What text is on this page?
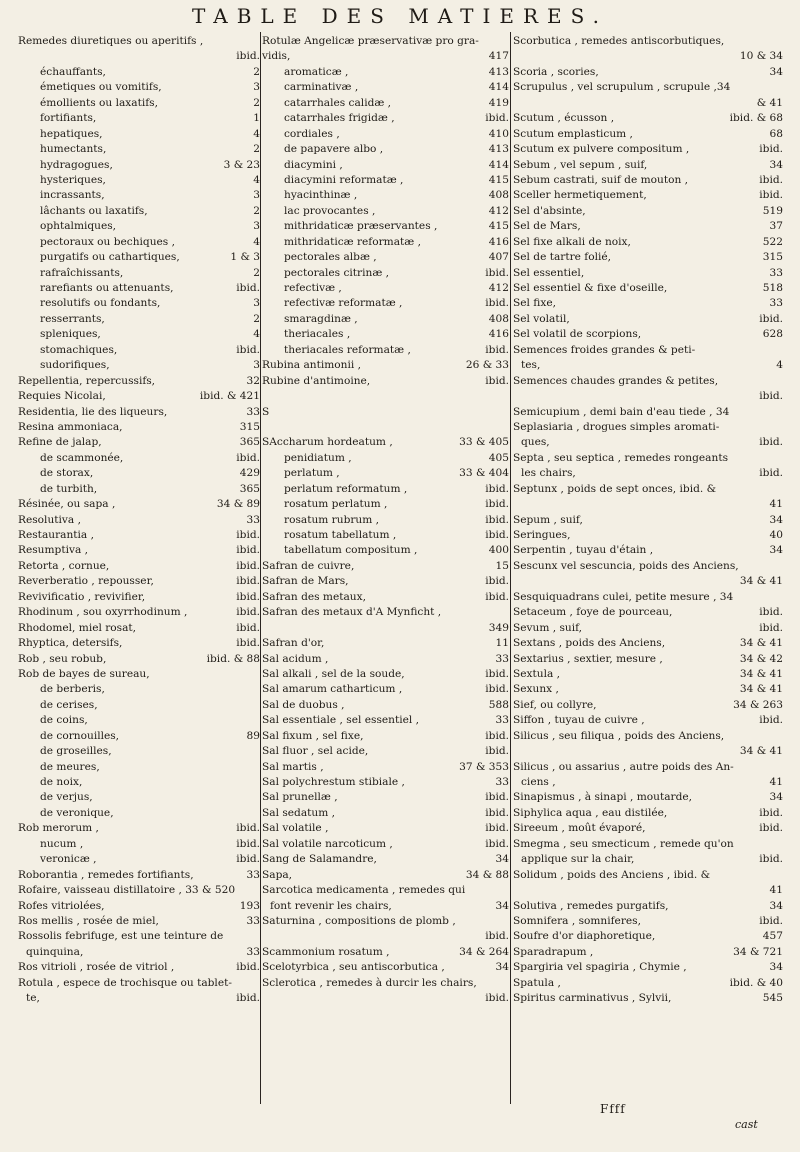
TABLE DES MATIERES.
Remedes diuretiques ou aperitifs ,
ibid.
échauffants,	2
émetiques ou vomitifs,	3
émollients ou laxatifs,	2
fortifiants,	1
hepatiques,	4
humectants,	2
hydragogues,	3 & 23
hysteriques,	4
incrassants,	3
lâchants ou laxatifs,	2
ophtalmiques,	3
pectoraux ou bechiques ,	4
purgatifs ou cathartiques,	1 & 3
rafraîchissants,	2
rarefiants ou attenuants,	ibid.
resolutifs ou fondants,	3
resserrants,	2
spleniques,	4
stomachiques,	ibid.
sudorifiques,	3
Repellentia, repercussifs,	32
Requies Nicolai,	ibid. & 421
Residentia, lie des liqueurs,	33
Resina ammoniaca,	315
Refine de jalap,	365
de scammonée,	ibid.
de storax,	429
de turbith,	365
Résinée, ou sapa ,	34 & 89
Resolutiva ,	33
Restaurantia ,	ibid.
Resumptiva ,	ibid.
Retorta , cornue,	ibid.
Reverberatio , repousser,	ibid.
Revivificatio , revivifier,	ibid.
Rhodinum , sou oxyrrhodinum ,	ibid.
Rhodomel, miel rosat,	ibid.
Rhyptica, detersifs,	ibid.
Rob , seu robub,	ibid. & 88
Rob de bayes de sureau,
de berberis,
de cerises,
de coins,
de cornouilles,	89
de groseilles,
de meures,
de noix,
de verjus,
de veronique,
Rob merorum ,	ibid.
nucum ,	ibid.
veronicæ ,	ibid.
Roborantia , remedes fortifiants,	33
Rofaire, vaisseau distillatoire , 33 & 520
Rofes vitriolées,	193
Ros mellis , rosée de miel,	33
Rossolis febrifuge, est une teinture de
quinquina,	33
Ros vitrioli , rosée de vitriol ,	ibid.
Rotula , espece de trochisque ou tablet-
te,	ibid.
Rotulæ Angelicæ præservativæ pro gra-
vidis,	417
aromaticæ ,	413
carminativæ ,	414
catarrhales calidæ ,	419
catarrhales frigidæ ,	ibid.
cordiales ,	410
de papavere albo ,	413
diacymini ,	414
diacymini reformatæ ,	415
hyacinthinæ ,	408
lac provocantes ,	412
mithridaticæ præservantes ,	415
mithridaticæ reformatæ ,	416
pectorales albæ ,	407
pectorales citrinæ ,	ibid.
refectivæ ,	412
refectivæ reformatæ ,	ibid.
smaragdinæ ,	408
theriacales ,	416
theriacales reformatæ ,	ibid.
Rubina antimonii ,	26 & 33
Rubine d'antimoine,	ibid.
S
SAccharum hordeatum ,	33 & 405
penidiatum ,	405
perlatum ,	33 & 404
perlatum reformatum ,	ibid.
rosatum perlatum ,	ibid.
rosatum rubrum ,	ibid.
rosatum tabellatum ,	ibid.
tabellatum compositum ,	400
Safran de cuivre,	15
Safran de Mars,	ibid.
Safran des metaux,	ibid.
Safran des metaux d'A Mynficht ,
349
Safran d'or,	11
Sal acidum ,	33
Sal alkali , sel de la soude,	ibid.
Sal amarum catharticum ,	ibid.
Sal de duobus ,	588
Sal essentiale , sel essentiel ,	33
Sal fixum , sel fixe,	ibid.
Sal fluor , sel acide,	ibid.
Sal martis ,	37 & 353
Sal polychrestum stibiale ,	33
Sal prunellæ ,	ibid.
Sal sedatum ,	ibid.
Sal volatile ,	ibid.
Sal volatile narcoticum ,	ibid.
Sang de Salamandre,	34
Sapa,	34 & 88
Sarcotica medicamenta , remedes qui
font revenir les chairs,	34
Saturnina , compositions de plomb ,
ibid.
Scammonium rosatum ,	34 & 264
Scelotyrbica , seu antiscorbutica ,	34
Sclerotica , remedes à durcir les chairs,
ibid.
Scorbutica , remedes antiscorbutiques,
10 & 34
Scoria , scories,	34
Scrupulus , vel scrupulum , scrupule ,34
& 41
Scutum , écusson ,	ibid. & 68
Scutum emplasticum ,	68
Scutum ex pulvere compositum ,	ibid.
Sebum , vel sepum , suif,	34
Sebum castrati, suif de mouton ,	ibid.
Sceller hermetiquement,	ibid.
Sel d'absinte,	519
Sel de Mars,	37
Sel fixe alkali de noix,	522
Sel de tartre folié,	315
Sel essentiel,	33
Sel essentiel & fixe d'oseille,	518
Sel fixe,	33
Sel volatil,	ibid.
Sel volatil de scorpions,	628
Semences froides grandes & peti-
tes,	4
Semences chaudes grandes & petites,
ibid.
Semicupium , demi bain d'eau tiede , 34
Seplasiaria , drogues simples aromati-
ques,	ibid.
Septa , seu septica , remedes rongeants
les chairs,	ibid.
Septunx , poids de sept onces, ibid. &
41
Sepum , suif,	34
Seringues,	40
Serpentin , tuyau d'étain ,	34
Sescunx vel sescuncia, poids des Anciens,
34 & 41
Sesquiquadrans culei, petite mesure , 34
Setaceum , foye de pourceau,	ibid.
Sevum , suif,	ibid.
Sextans , poids des Anciens,	34 & 41
Sextarius , sextier, mesure ,	34 & 42
Sextula ,	34 & 41
Sexunx ,	34 & 41
Sief, ou collyre,	34 & 263
Siffon , tuyau de cuivre ,	ibid.
Silicus , seu filiqua , poids des Anciens,
34 & 41
Silicus , ou assarius , autre poids des An-
ciens ,	41
Sinapismus , à sinapi , moutarde,	34
Siphylica aqua , eau distilée,	ibid.
Sireeum , moût évaporé,	ibid.
Smegma , seu smecticum , remede qu'on
applique sur la chair,	ibid.
Solidum , poids des Anciens , ibid. &
41
Solutiva , remedes purgatifs,	34
Somnifera , somniferes,	ibid.
Soufre d'or diaphoretique,	457
Sparadrapum ,	34 & 721
Spargiria vel spagiria , Chymie ,	34
Spatula ,	ibid. & 40
Spiritus carminativus , Sylvii,	545
Ffff
cast
